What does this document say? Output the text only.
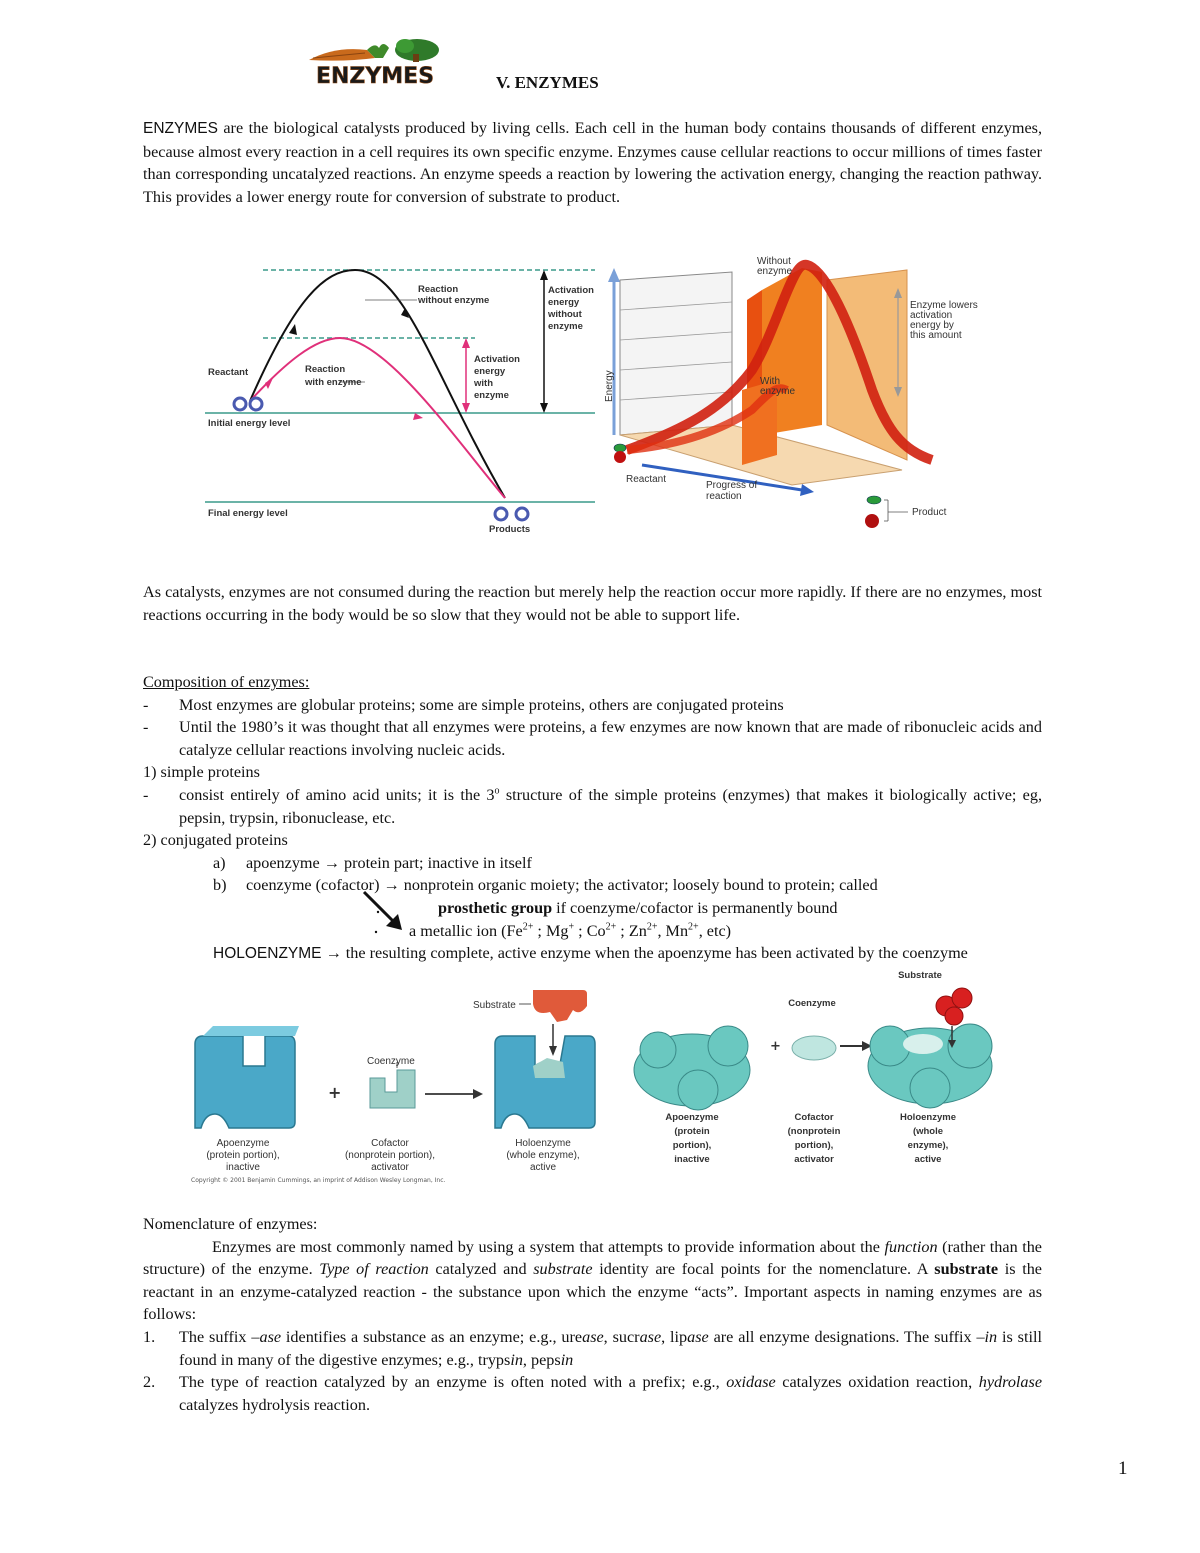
ENZYMES	V. ENZYMES
ENZYMES are the biological catalysts produced by living cells. Each cell in the human body contains thousands of different enzymes, because almost every reaction in a cell requires its own specific enzyme. Enzymes cause cellular reactions to occur millions of times faster than corresponding uncatalyzed reactions. An enzyme speeds a reaction by lowering the activation energy, changing the reaction pathway. This provides a lower energy route for conversion of substrate to product.
Reaction
without enzyme
Activation
energy
without
enzyme
Reactant	Reaction
with enzyme
Activation
energy
with
enzyme
Initial energy level
Final energy level
Products
Without
enzyme
Enzyme lowers
activation
energy by
this amount
Energy	With
enzyme
Reactant
Progress of
reaction
Product
As catalysts, enzymes are not consumed during the reaction but merely help the reaction occur more rapidly. If there are no enzymes, most reactions occurring in the body would be so slow that they would not be able to support life.

Composition of enzymes:

-	Most enzymes are globular proteins; some are simple proteins, others are conjugated proteins
-	Until the 1980’s it was thought that all enzymes were proteins, a few enzymes are now known that are made of ribonucleic acids and catalyze cellular reactions involving nucleic acids.

1) simple proteins

-	consist entirely of amino acid units; it is the 3$^o$ structure of the simple proteins (enzymes) that makes it biologically active; eg, pepsin, trypsin, ribonuclease, etc.

2) conjugated proteins

a)	apoenzyme → protein part; inactive in itself
b)	coenzyme (cofactor) → nonprotein organic moiety; the activator; loosely bound to protein; called
prosthetic group if coenzyme/cofactor is permanently bound
a metallic ion ($Fe^{2+}$ ; Mg+ ; $Co^{2+}$ ; $Zn^{2+}$, $Mn^{2+}$, etc)
HOLOENZYME → the resulting complete, active enzyme when the apoenzyme has been activated by the coenzyme
+
Substrate
Coenzyme
Apoenzyme
(protein portion),
inactive
Cofactor
(nonprotein portion),
activator
Holoenzyme
(whole enzyme),
active
Copyright © 2001 Benjamin Cummings, an imprint of Addison Wesley Longman, Inc.
+
Substrate
Coenzyme
Apoenzyme
(protein
portion),
inactive
Cofactor
(nonprotein
portion),
activator
Holoenzyme
(whole
enzyme),
active

Nomenclature of enzymes:

Enzymes are most commonly named by using a system that attempts to provide information about the function (rather than the structure) of the enzyme. Type of reaction catalyzed and substrate identity are focal points for the nomenclature. A substrate is the reactant in an enzyme-catalyzed reaction - the substance upon which the enzyme “acts”. Important aspects in naming enzymes are as follows:

1.	The suffix –ase identifies a substance as an enzyme; e.g., urease, sucrase, lipase are all enzyme designations. The suffix –in is still found in many of the digestive enzymes; e.g., trypsin, pepsin
2.	The type of reaction catalyzed by an enzyme is often noted with a prefix; e.g., oxidase catalyzes oxidation reaction, hydrolase catalyzes hydrolysis reaction.
1
